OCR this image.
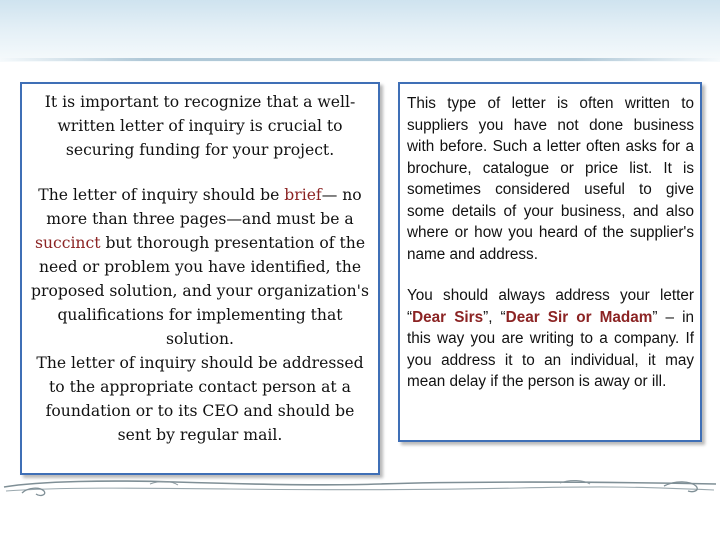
It is important to recognize that a well-written letter of inquiry is crucial to securing funding for your project.

The letter of inquiry should be brief— no more than three pages—and must be a succinct but thorough presentation of the need or problem you have identified, the proposed solution, and your organization's qualifications for implementing that solution.

The letter of inquiry should be addressed to the appropriate contact person at a foundation or to its CEO and should be sent by regular mail.

This type of letter is often written to suppliers you have not done business with before. Such a letter often asks for a brochure, catalogue or price list. It is sometimes considered useful to give some details of your business, and also where or how you heard of the supplier's name and address.

You should always address your letter “Dear Sirs”, “Dear Sir or Madam” – in this way you are writing to a company. If you address it to an individual, it may mean delay if the person is away or ill.
